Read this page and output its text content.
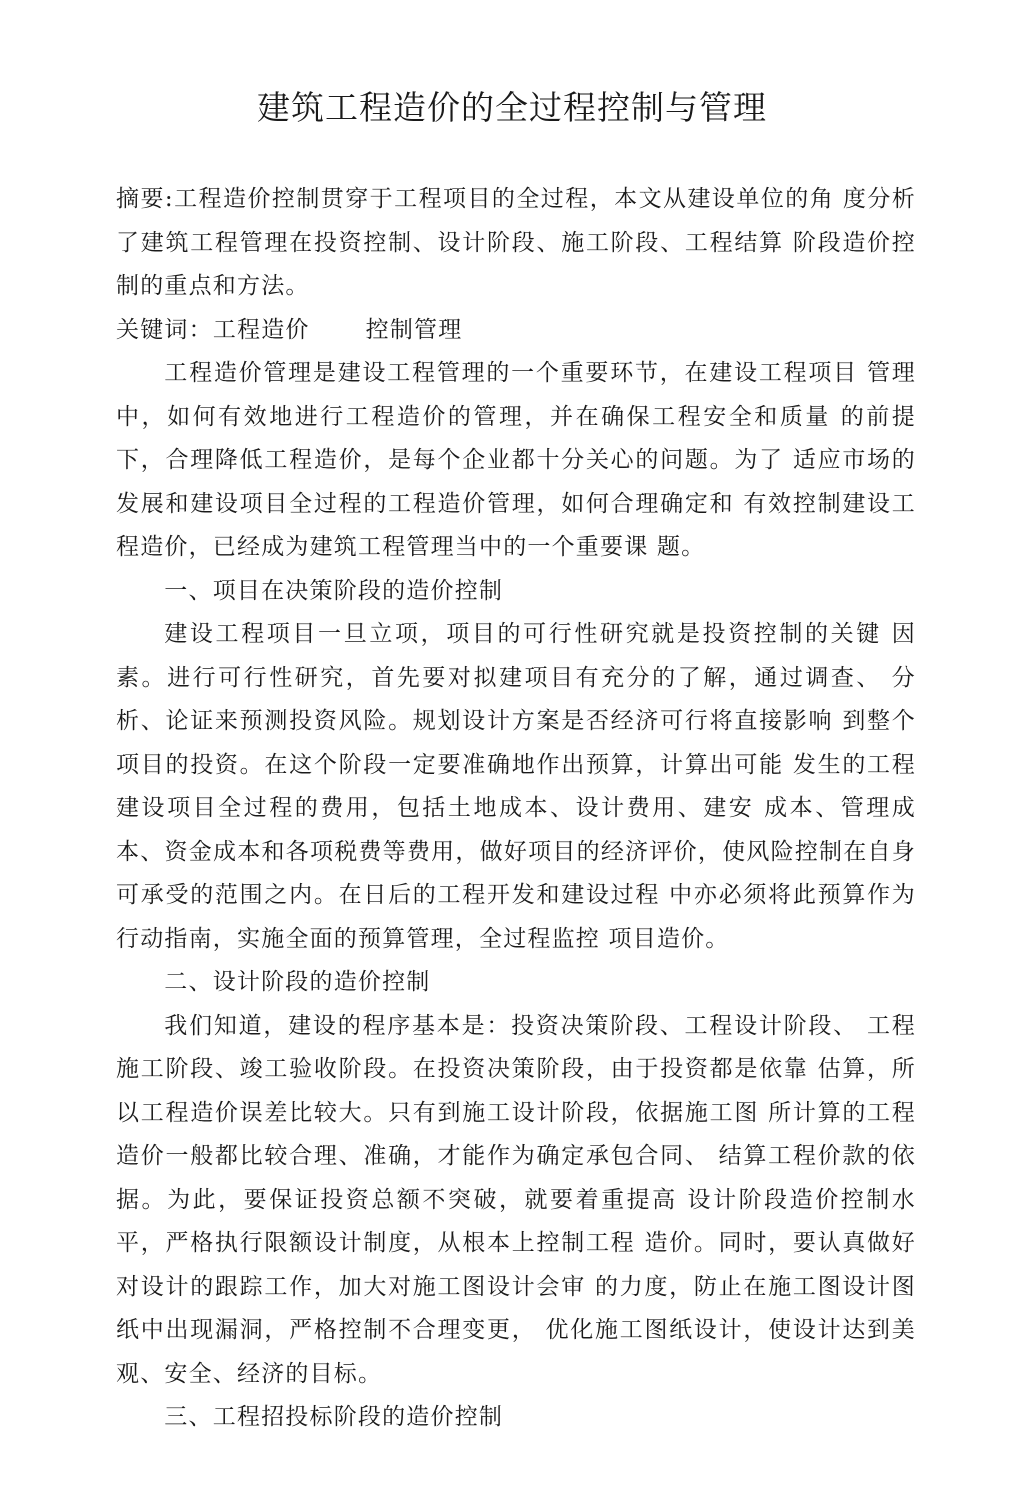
建筑工程造价的全过程控制与管理

摘要:工程造价控制贯穿于工程项目的全过程，本文从建设单位的角 度分析了建筑工程管理在投资控制、设计阶段、施工阶段、工程结算 阶段造价控制的重点和方法。

关键词：工程造价 控制管理

工程造价管理是建设工程管理的一个重要环节，在建设工程项目 管理中，如何有效地进行工程造价的管理，并在确保工程安全和质量 的前提下，合理降低工程造价，是每个企业都十分关心的问题。为了 适应市场的发展和建设项目全过程的工程造价管理，如何合理确定和 有效控制建设工程造价，已经成为建筑工程管理当中的一个重要课 题。

一、项目在决策阶段的造价控制

建设工程项目一旦立项，项目的可行性研究就是投资控制的关键 因素。进行可行性研究，首先要对拟建项目有充分的了解，通过调查、 分析、论证来预测投资风险。规划设计方案是否经济可行将直接影响 到整个项目的投资。在这个阶段一定要准确地作出预算，计算出可能 发生的工程建设项目全过程的费用，包括土地成本、设计费用、建安 成本、管理成本、资金成本和各项税费等费用，做好项目的经济评价，使风险控制在自身可承受的范围之内。在日后的工程开发和建设过程 中亦必须将此预算作为行动指南，实施全面的预算管理，全过程监控 项目造价。

二、设计阶段的造价控制

我们知道，建设的程序基本是：投资决策阶段、工程设计阶段、 工程施工阶段、竣工验收阶段。在投资决策阶段，由于投资都是依靠 估算，所以工程造价误差比较大。只有到施工设计阶段，依据施工图 所计算的工程造价一般都比较合理、准确，才能作为确定承包合同、 结算工程价款的依据。为此，要保证投资总额不突破，就要着重提高 设计阶段造价控制水平，严格执行限额设计制度，从根本上控制工程 造价。同时，要认真做好对设计的跟踪工作，加大对施工图设计会审 的力度，防止在施工图设计图纸中出现漏洞，严格控制不合理变更， 优化施工图纸设计，使设计达到美观、安全、经济的目标。

三、工程招投标阶段的造价控制
